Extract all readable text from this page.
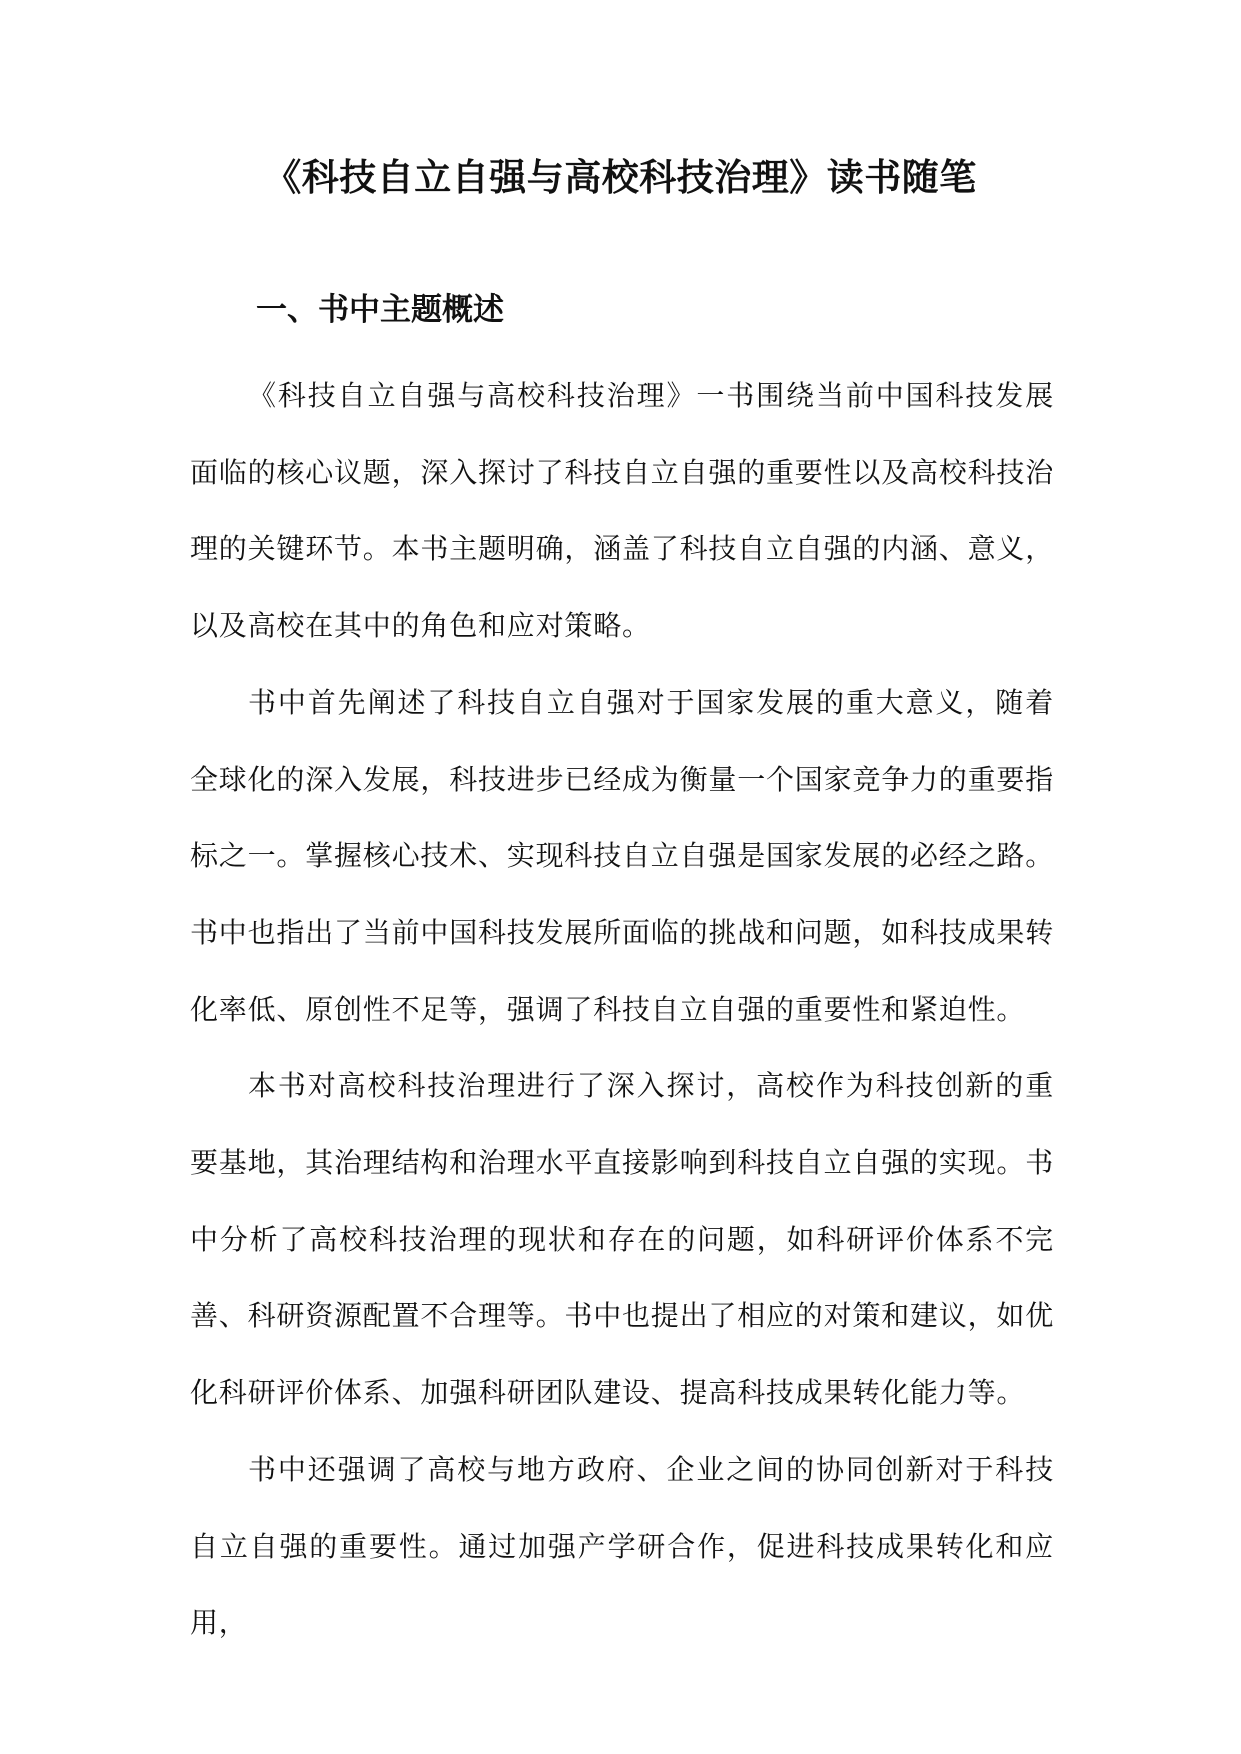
《科技自立自强与高校科技治理》读书随笔
一、书中主题概述

《科技自立自强与高校科技治理》一书围绕当前中国科技发展面临的核心议题，深入探讨了科技自立自强的重要性以及高校科技治理的关键环节。本书主题明确，涵盖了科技自立自强的内涵、意义，以及高校在其中的角色和应对策略。

书中首先阐述了科技自立自强对于国家发展的重大意义，随着全球化的深入发展，科技进步已经成为衡量一个国家竞争力的重要指标之一。掌握核心技术、实现科技自立自强是国家发展的必经之路。书中也指出了当前中国科技发展所面临的挑战和问题，如科技成果转化率低、原创性不足等，强调了科技自立自强的重要性和紧迫性。

本书对高校科技治理进行了深入探讨，高校作为科技创新的重要基地，其治理结构和治理水平直接影响到科技自立自强的实现。书中分析了高校科技治理的现状和存在的问题，如科研评价体系不完善、科研资源配置不合理等。书中也提出了相应的对策和建议，如优化科研评价体系、加强科研团队建设、提高科技成果转化能力等。

书中还强调了高校与地方政府、企业之间的协同创新对于科技自立自强的重要性。通过加强产学研合作，促进科技成果转化和应用，
